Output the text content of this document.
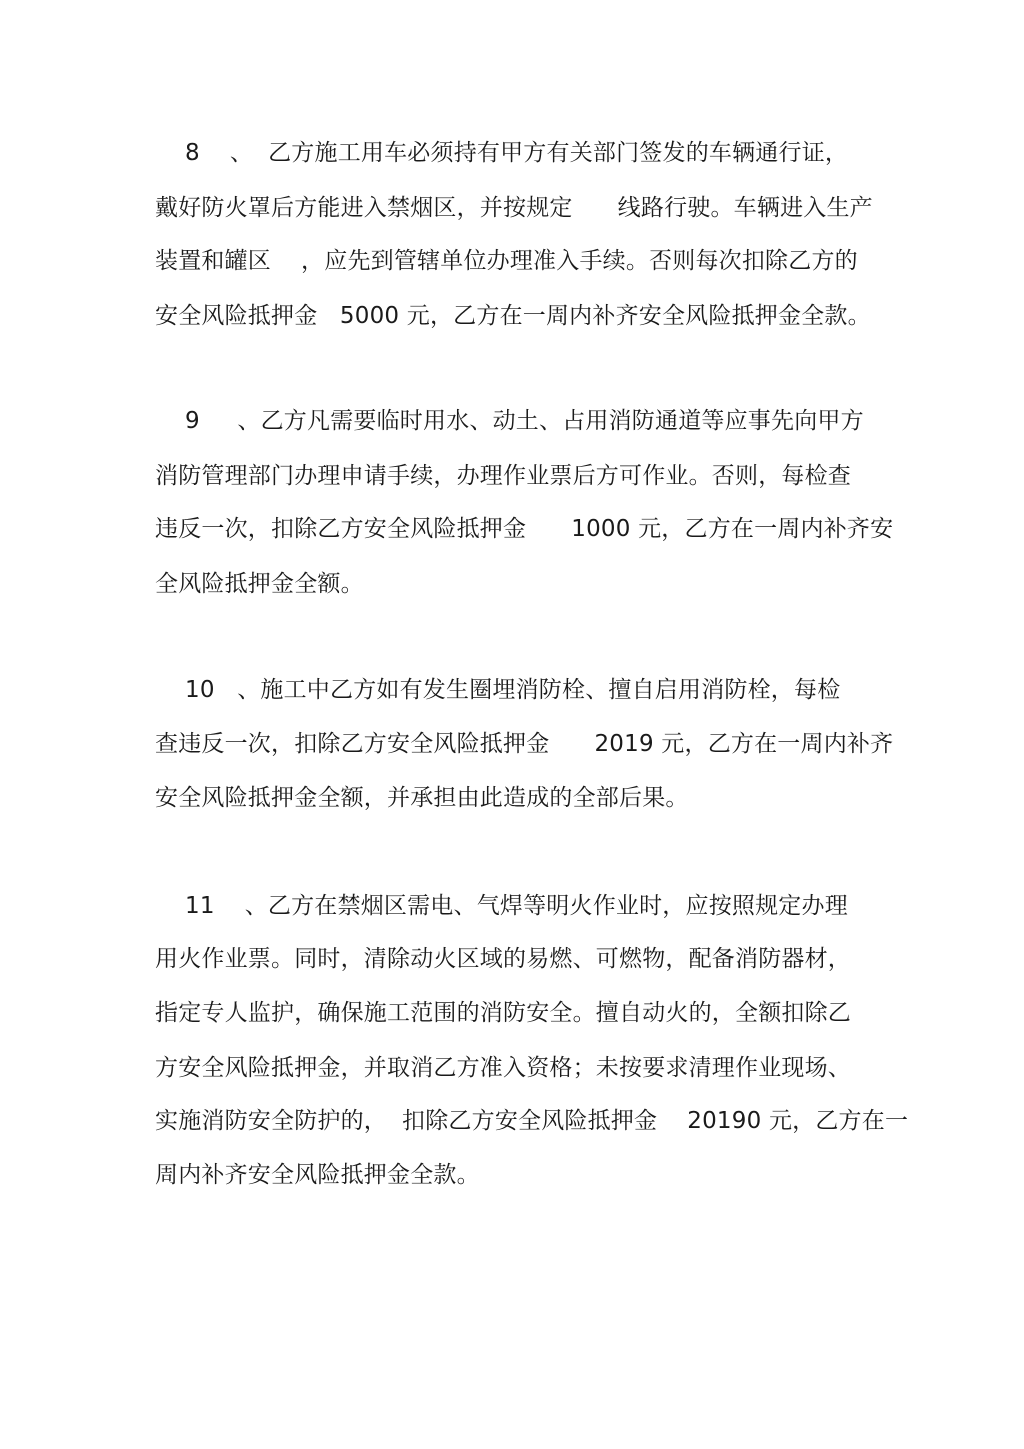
8    、  乙方施工用车必须持有甲方有关部门签发的车辆通行证，
戴好防火罩后方能进入禁烟区，并按规定      线路行驶。车辆进入生产
装置和罐区    ，应先到管辖单位办理准入手续。否则每次扣除乙方的
安全风险抵押金   5000 元，乙方在一周内补齐安全风险抵押金全款。
9     、乙方凡需要临时用水、动土、占用消防通道等应事先向甲方
消防管理部门办理申请手续，办理作业票后方可作业。否则，每检查
违反一次，扣除乙方安全风险抵押金      1000 元，乙方在一周内补齐安
全风险抵押金全额。
10   、施工中乙方如有发生圈埋消防栓、擅自启用消防栓，每检
查违反一次，扣除乙方安全风险抵押金      2019 元，乙方在一周内补齐
安全风险抵押金全额，并承担由此造成的全部后果。
11    、乙方在禁烟区需电、气焊等明火作业时，应按照规定办理
用火作业票。同时，清除动火区域的易燃、可燃物，配备消防器材，
指定专人监护，确保施工范围的消防安全。擅自动火的，全额扣除乙
方安全风险抵押金，并取消乙方准入资格；未按要求清理作业现场、
实施消防安全防护的，  扣除乙方安全风险抵押金    20190 元，乙方在一
周内补齐安全风险抵押金全款。
